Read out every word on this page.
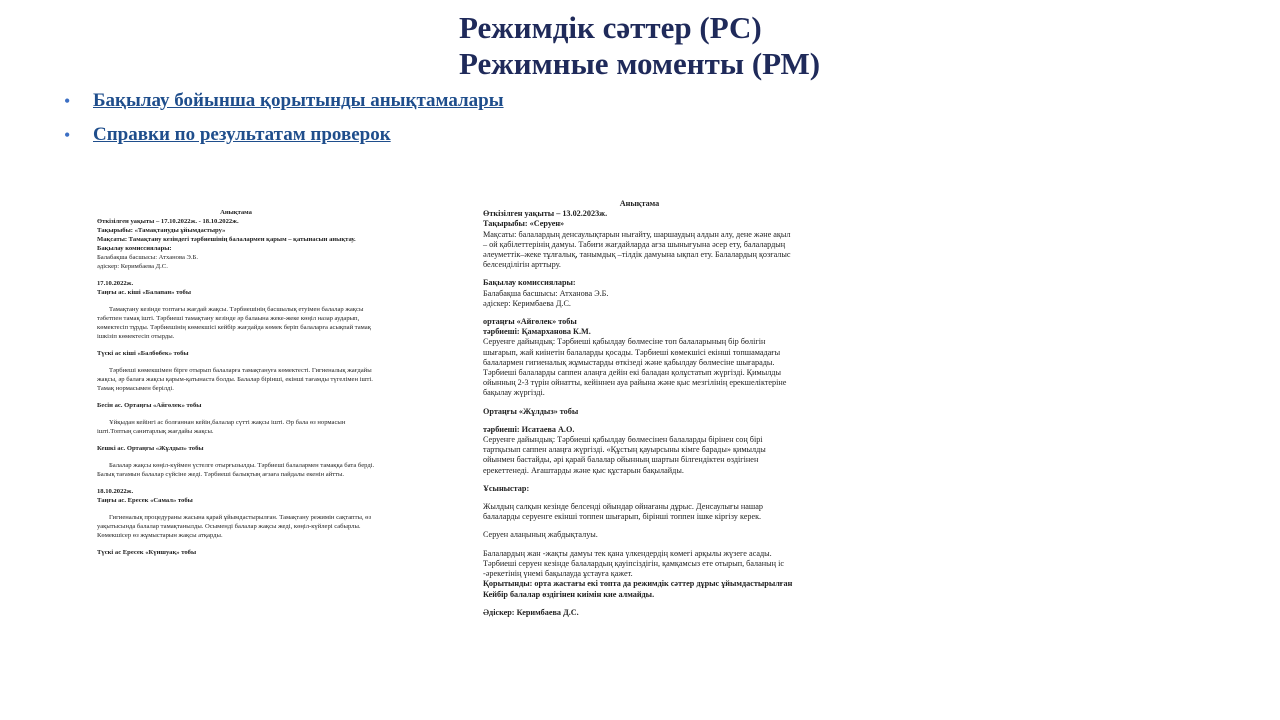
Режимдік сәттер (РС)
Режимные моменты (РМ)
• Бақылау бойынша қорытынды анықтамалары
• Справки по результатам проверок

Анықтама

Өткізілген уақыты – 17.10.2022ж. - 18.10.2022ж.

Тақырыбы: «Тамақтануды ұйымдастыру»

Мақсаты: Тамақтану кезіндегі тәрбиешінің балалармен қарым – қатынасын анықтау.

Бақылау комиссиялары:

Балабақша басшысы: Атханова Э.Б.

әдіскер: Керимбаева Д.С.

17.10.2022ж.

Таңғы ас. кіші «Балапан» тобы

Тамақтану кезінде топтағы жағдай жақсы. Тәрбиешінің басшылық етуімен балалар жақсы тəбетпен тамақ ішті. Тәрбиеші тамақтану кезінде әр балаына жеке-жеке көңіл назар аударып, көмектесіп тұрды. Тәрбиешінің көмекшісі кейбір жағдайда көмек беріп балаларға асықпай тамақ ішкізіп көмектесіп отырды.

Түскі ас кіші «Балбөбек» тобы

Тәрбиеші көмекшімен бірге отырып балаларға тамақтануға көмектесті. Гигиеналық жағдайы жақсы, әр балаға жақсы қарым-қатынаста болды. Балалар бірінші, екінші тағамды түгелімен ішті. Тамақ нормасымен берілді.

Бесін ас. Ортаңғы «Айгөлек» тобы

Ұйқыдан кейінгі ас болғаннан кейін,балалар сүтті жақсы ішті. Әр бала өз нормасын ішті.Топтың санитарлық жағдайы жақсы.

Кешкі ас. Ортаңғы «Жұлдыз» тобы

Балалар жақсы көңіл-күймен үстелге отырғызылды. Тәрбиеші балалармен тамаққа бата берді. Балық тағамын балалар сүйсіне жеді. Тәрбиеші балықтың ағзаға пайдалы екенін айтты.

18.10.2022ж.

Таңғы ас. Ересек «Самал» тобы

Гигиеналық процедураны жасына қарай ұйымдастырылған. Тамақтану режимін сақтапты, өз уақытысында балалар тамақтанылды. Осыменді балалар жақсы жеді, көңіл-күйлері сабырлы. Көмекшісер өз жұмыстарын жақсы атқарды.

Түскі ас Ересек «Күншуақ» тобы

Анықтама

Өткізілген уақыты – 13.02.2023ж.

Тақырыбы: «Серуен»

Мақсаты: балалардың денсаулықтарын нығайту, шаршаудың алдын алу, дене және ақыл – ой қабілеттерінің дамуы. Табиғи жағдайларда ағза шынығуына әсер ету, балалардың әлеуметтік–жеке тұлғалық, танымдық –тілдік дамуына ықпал ету. Балалардың қозғалыс белсенділігін арттыру.

Бақылау комиссиялары:

Балабақша басшысы: Атханова Э.Б.

әдіскер: Керимбаева Д.С.

ортаңғы «Айгөлек» тобы

тәрбиеші: Қамарханова К.М.

Серуенге дайындық: Тәрбиеші қабылдау бөлмесіне топ балаларының бір бөлігін шығарып, жай киінетін балаларды қосады. Тәрбиеші көмекшісі екінші топшамадағы балалармен гигиеналық жұмыстарды өткізеді және қабылдау бөлмесіне шығарады. Тәрбиеші балаларды саппен алаңға дейін екі баладан қолұстатып жүргізді. Қимылды ойынның 2-3 түрін ойнатты, кейіннен ауа райына және қыс мезгілінің ерекшеліктеріне бақылау жүргізді.

Ортаңғы «Жұлдыз» тобы

тәрбиеші: Исатаева А.О.

Серуенге дайындық: Тәрбиеші қабылдау бөлмесінен балаларды бірінен соң бірі тартқызып саппен алаңға жүргізді. «Құстың қауырсыны кімге барады» қимылды ойынмен бастайды, әрі қарай балалар ойынның шартын білгендіктен өздігінен ерекеттенеді. Ағаштарды және қыс құстарын бақылайды.

Ұсыныстар:

Жылдың салқын кезінде белсенді ойындар ойнағаны дұрыс. Денсаулығы нашар балаларды серуенге екінші топпен шығарып, бірінші топпен ішке кіргізу керек.

Серуен алаңының жабдықталуы.

Балалардың жан -жақты дамуы тек қана үлкендердің көмегі арқылы жүзеге асады. Тәрбиеші серуен кезінде балалардың қауіпсіздігін, қамқамсыз ете отырып, баланың іс -әрекетінің үнемі бақылауда ұстауға қажет.

Қорытынды: орта жастағы екі топта да режимдік сәттер дұрыс ұйымдастырылған Кейбір балалар өздігінен киімін киe алмайды.

Әдіскер: Керимбаева Д.С.
